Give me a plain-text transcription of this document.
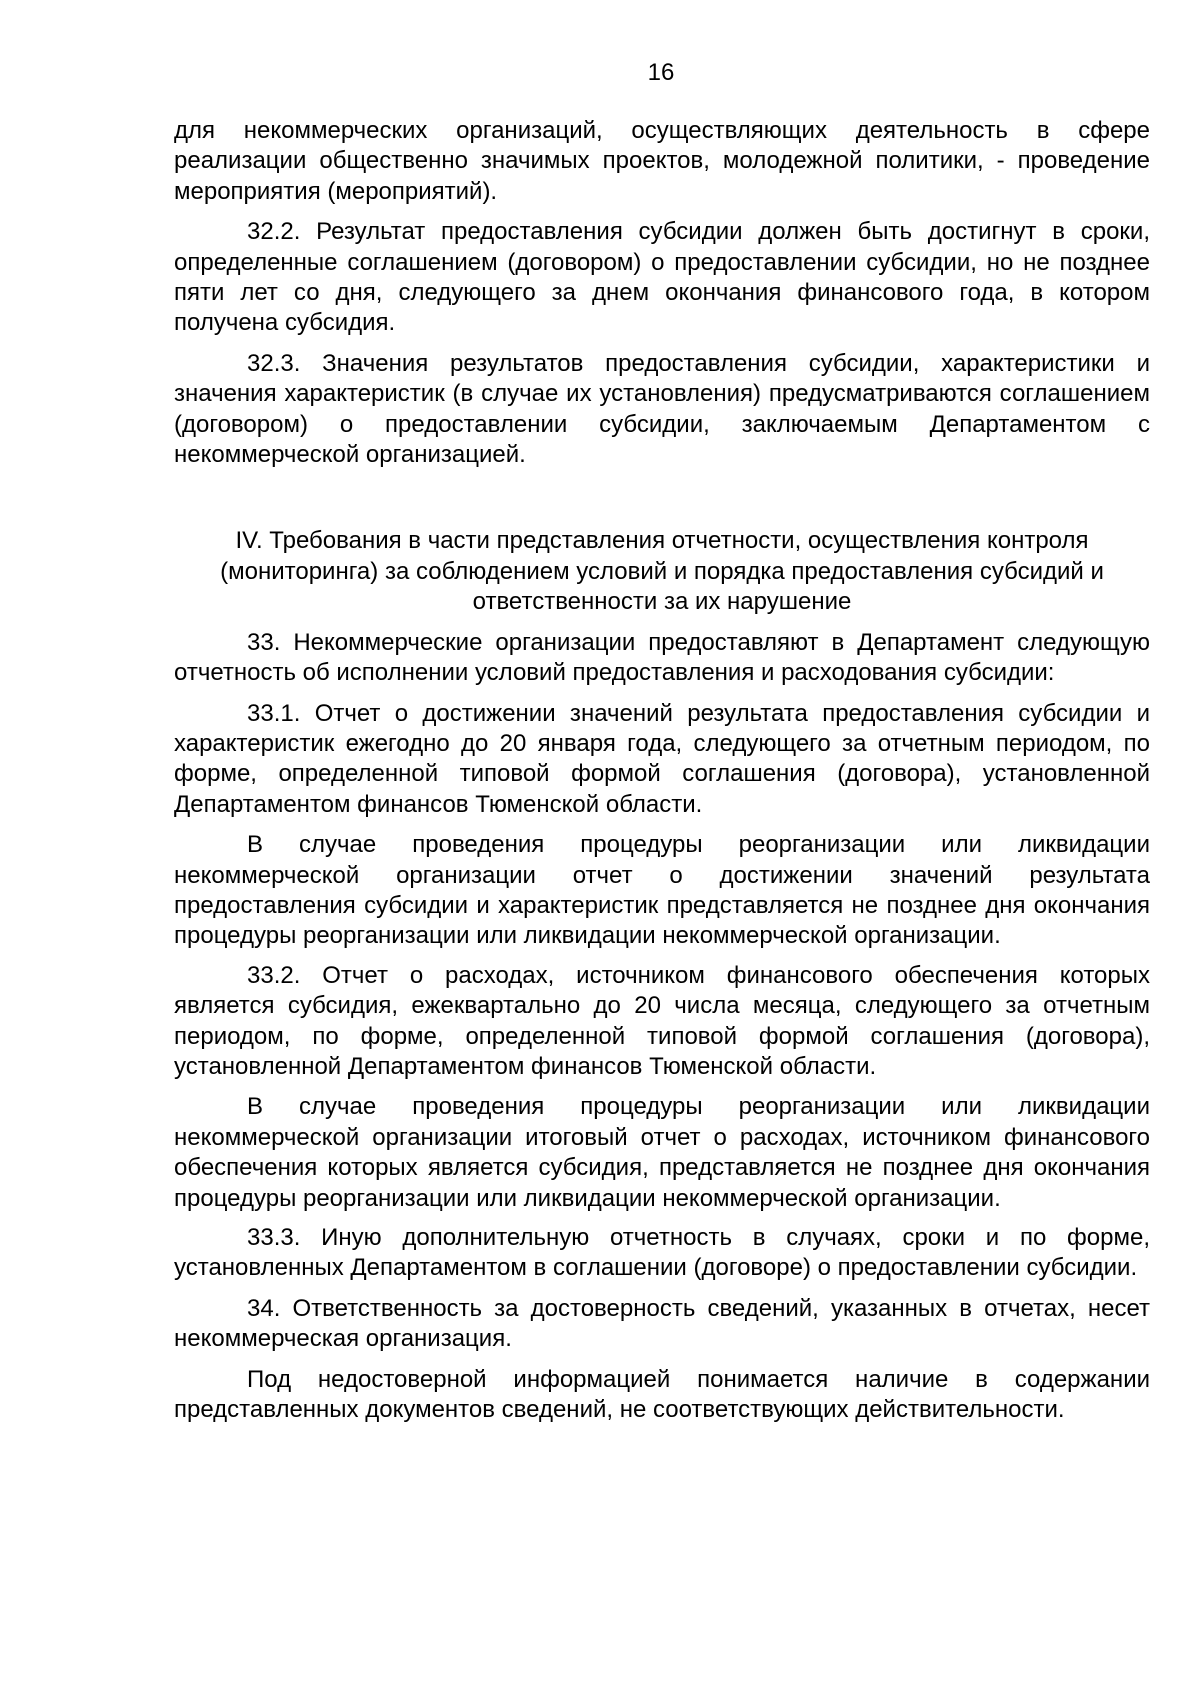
16

для некоммерческих организаций, осуществляющих деятельность в сфере реализации общественно значимых проектов, молодежной политики, - проведение мероприятия (мероприятий).

32.2. Результат предоставления субсидии должен быть достигнут в сроки, определенные соглашением (договором) о предоставлении субсидии, но не позднее пяти лет со дня, следующего за днем окончания финансового года, в котором получена субсидия.

32.3. Значения результатов предоставления субсидии, характеристики и значения характеристик (в случае их установления) предусматриваются соглашением (договором) о предоставлении субсидии, заключаемым Департаментом с некоммерческой организацией.

IV. Требования в части представления отчетности, осуществления контроля (мониторинга) за соблюдением условий и порядка предоставления субсидий и ответственности за их нарушение

33. Некоммерческие организации предоставляют в Департамент следующую отчетность об исполнении условий предоставления и расходования субсидии:

33.1. Отчет о достижении значений результата предоставления субсидии и характеристик ежегодно до 20 января года, следующего за отчетным периодом, по форме, определенной типовой формой соглашения (договора), установленной Департаментом финансов Тюменской области.

В случае проведения процедуры реорганизации или ликвидации некоммерческой организации отчет о достижении значений результата предоставления субсидии и характеристик представляется не позднее дня окончания процедуры реорганизации или ликвидации некоммерческой организации.

33.2. Отчет о расходах, источником финансового обеспечения которых является субсидия, ежеквартально до 20 числа месяца, следующего за отчетным периодом, по форме, определенной типовой формой соглашения (договора), установленной Департаментом финансов Тюменской области.

В случае проведения процедуры реорганизации или ликвидации некоммерческой организации итоговый отчет о расходах, источником финансового обеспечения которых является субсидия, представляется не позднее дня окончания процедуры реорганизации или ликвидации некоммерческой организации.

33.3. Иную дополнительную отчетность в случаях, сроки и по форме, установленных Департаментом в соглашении (договоре) о предоставлении субсидии.

34. Ответственность за достоверность сведений, указанных в отчетах, несет некоммерческая организация.

Под недостоверной информацией понимается наличие в содержании представленных документов сведений, не соответствующих действительности.
